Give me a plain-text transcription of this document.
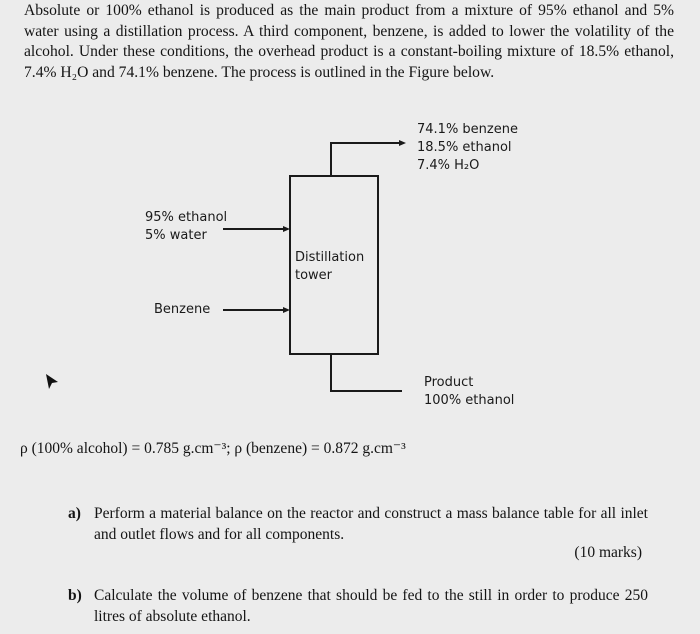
Absolute or 100% ethanol is produced as the main product from a mixture of 95% ethanol and 5% water using a distillation process. A third component, benzene, is added to lower the volatility of the alcohol. Under these conditions, the overhead product is a constant-boiling mixture of 18.5% ethanol, 7.4% H₂O and 74.1% benzene. The process is outlined in the Figure below.

74.1% benzene
18.5% ethanol
7.4% H₂O
95% ethanol
5% water
Distillation
tower
Benzene
Product
100% ethanol
ρ (100% alcohol) = 0.785 g.cm⁻³; ρ (benzene) = 0.872 g.cm⁻³
a) Perform a material balance on the reactor and construct a mass balance table for all inlet and outlet flows and for all components.
(10 marks)
b) Calculate the volume of benzene that should be fed to the still in order to produce 250 litres of absolute ethanol.
